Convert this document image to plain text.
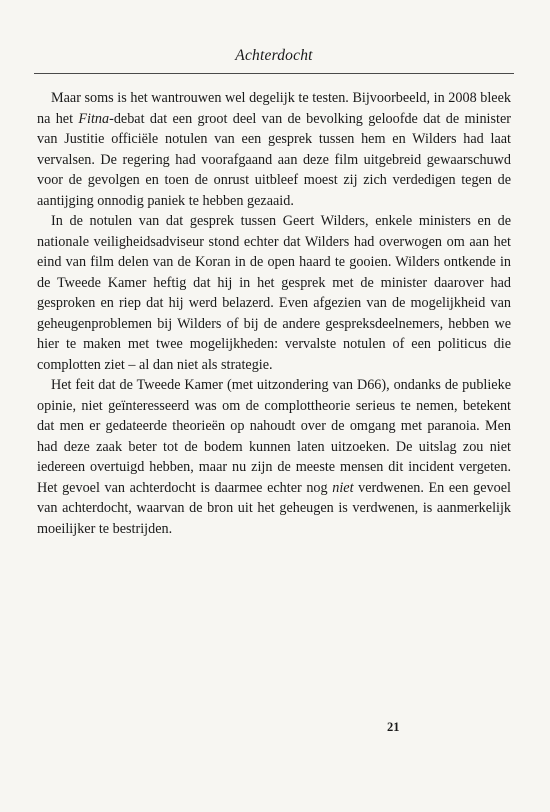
Achterdocht

Maar soms is het wantrouwen wel degelijk te testen. Bijvoorbeeld, in 2008 bleek na het Fitna-debat dat een groot deel van de bevolking geloofde dat de minister van Justitie officiële notulen van een gesprek tussen hem en Wilders had laat vervalsen. De regering had voorafgaand aan deze film uitgebreid gewaarschuwd voor de gevolgen en toen de onrust uitbleef moest zij zich verdedigen tegen de aantijging onnodig paniek te hebben gezaaid.

In de notulen van dat gesprek tussen Geert Wilders, enkele ministers en de nationale veiligheidsadviseur stond echter dat Wilders had overwogen om aan het eind van film delen van de Koran in de open haard te gooien. Wilders ontkende in de Tweede Kamer heftig dat hij in het gesprek met de minister daarover had gesproken en riep dat hij werd belazerd. Even afgezien van de mogelijkheid van geheugenproblemen bij Wilders of bij de andere gespreksdeelnemers, hebben we hier te maken met twee mogelijkheden: vervalste notulen of een politicus die complotten ziet – al dan niet als strategie.

Het feit dat de Tweede Kamer (met uitzondering van D66), ondanks de publieke opinie, niet geïnteresseerd was om de complottheorie serieus te nemen, betekent dat men er gedateerde theorieën op nahoudt over de omgang met paranoia. Men had deze zaak beter tot de bodem kunnen laten uitzoeken. De uitslag zou niet iedereen overtuigd hebben, maar nu zijn de meeste mensen dit incident vergeten. Het gevoel van achterdocht is daarmee echter nog niet verdwenen. En een gevoel van achterdocht, waarvan de bron uit het geheugen is verdwenen, is aanmerkelijk moeilijker te bestrijden.

21
